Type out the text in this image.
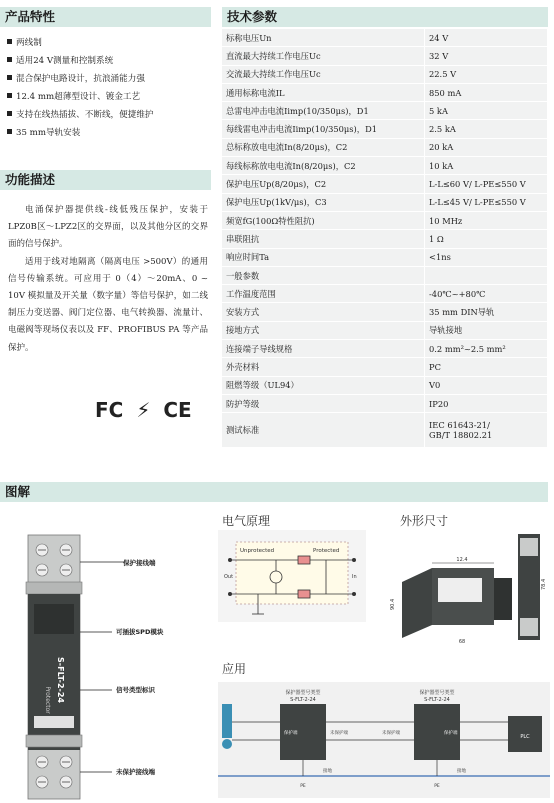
产品特性
两线制
适用24 V测量和控制系统
混合保护电路设计，抗浪涌能力强
12.4 mm超薄型设计、镀金工艺
支持在线热插拔、不断线，便捷维护
35 mm导轨安装
功能描述

电涌保护器提供线-线低残压保护，安装于LPZ0B区～LPZ2区的交界面，以及其他分区的交界面的信号保护。

适用于线对地隔离（隔离电压 >500V）的通用信号传输系统。可应用于 0（4）～20mA、0 ~ 10V 模拟量及开关量（数字量）等信号保护，如二线制压力变送器、阀门定位器、电气转换器、流量计、电磁阀等现场仪表以及 FF、PROFIBUS PA 等产品保护。

FC ⚡ CE
技术参数
标称电压Un	24 V
直流最大持续工作电压Uc	32 V
交流最大持续工作电压Uc	22.5 V
通用标称电流IL	850 mA
总雷电冲击电流Iimp(10/350μs)，D1	5 kA
每线雷电冲击电流Iimp(10/350μs)，D1	2.5 kA
总标称放电电流In(8/20μs)，C2	20 kA
每线标称放电电流In(8/20μs)，C2	10 kA
保护电压Up(8/20μs)，C2	L-L≤60 V/ L-PE≤550 V
保护电压Up(1kV/μs)，C3	L-L≤45 V/ L-PE≤550 V
频宽fG(100Ω特性阻抗)	10 MHz
串联阻抗	1 Ω
响应时间Ta	<1ns
一般参数	
工作温度范围	-40℃~+80℃
安装方式	35 mm DIN导轨
接地方式	导轨接地
连接端子导线规格	0.2 mm²~2.5 mm²
外壳材料	PC
阻燃等级（UL94）	V0
防护等级	IP20
测试标准	IEC 61643-21/
GB/T 18802.21
图解
S-FLT-2-24
Protector
保护接线端
可插拔SPD模块
信号类型标识
未保护接线端
电气原理
Unprotected	Protected
Out	In
外形尺寸
12.4
90.4
78.4
68
应用
保护器型号类型
S-FLT-2-24
保护器型号类型
S-FLT-2-24
保护端	未保护端	未保护端	保护端
PLC
PE	PE
接地	接地
